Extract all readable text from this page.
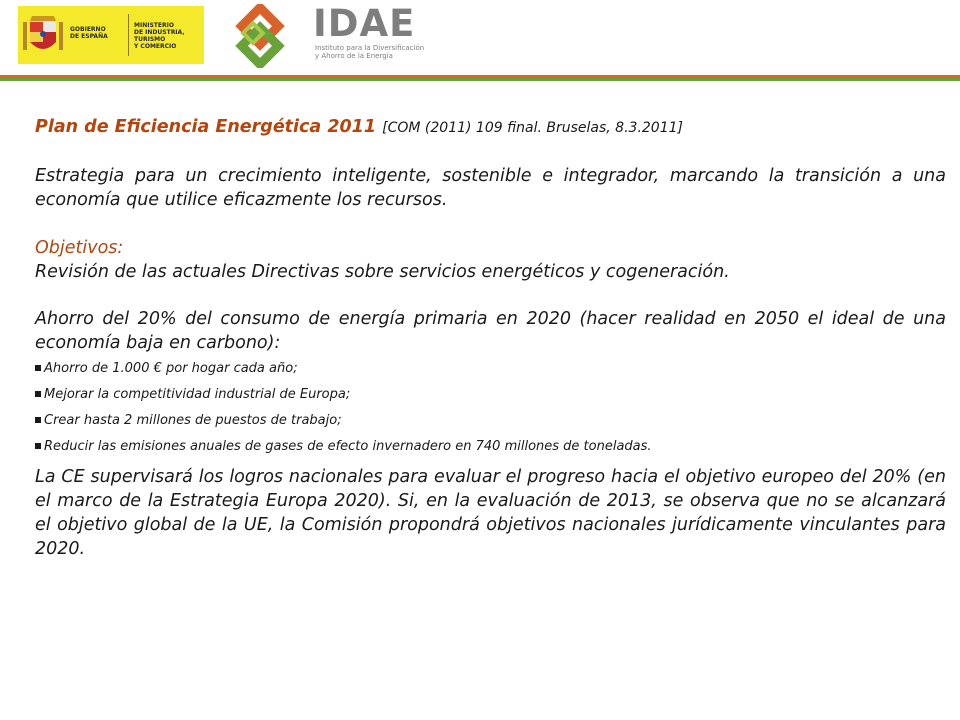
GOBIERNO
DE ESPAÑA
MINISTERIO
DE INDUSTRIA, TURISMO
Y COMERCIO
IDAE
Instituto para la Diversificación
y Ahorro de la Energía

Plan de Eficiencia Energética 2011 [COM (2011) 109 final. Bruselas, 8.3.2011]

Estrategia para un crecimiento inteligente, sostenible e integrador, marcando la transición a una economía que utilice eficazmente los recursos.

Objetivos:

Revisión de las actuales Directivas sobre servicios energéticos y cogeneración.

Ahorro del 20% del consumo de energía primaria en 2020 (hacer realidad en 2050 el ideal de una economía baja en carbono):

Ahorro de 1.000 € por hogar cada año;
Mejorar la competitividad industrial de Europa;
Crear hasta 2 millones de puestos de trabajo;
Reducir las emisiones anuales de gases de efecto invernadero en 740 millones de toneladas.

La CE supervisará los logros nacionales para evaluar el progreso hacia el objetivo europeo del 20% (en el marco de la Estrategia Europa 2020). Si, en la evaluación de 2013, se observa que no se alcanzará el objetivo global de la UE, la Comisión propondrá objetivos nacionales jurídicamente vinculantes para 2020.
